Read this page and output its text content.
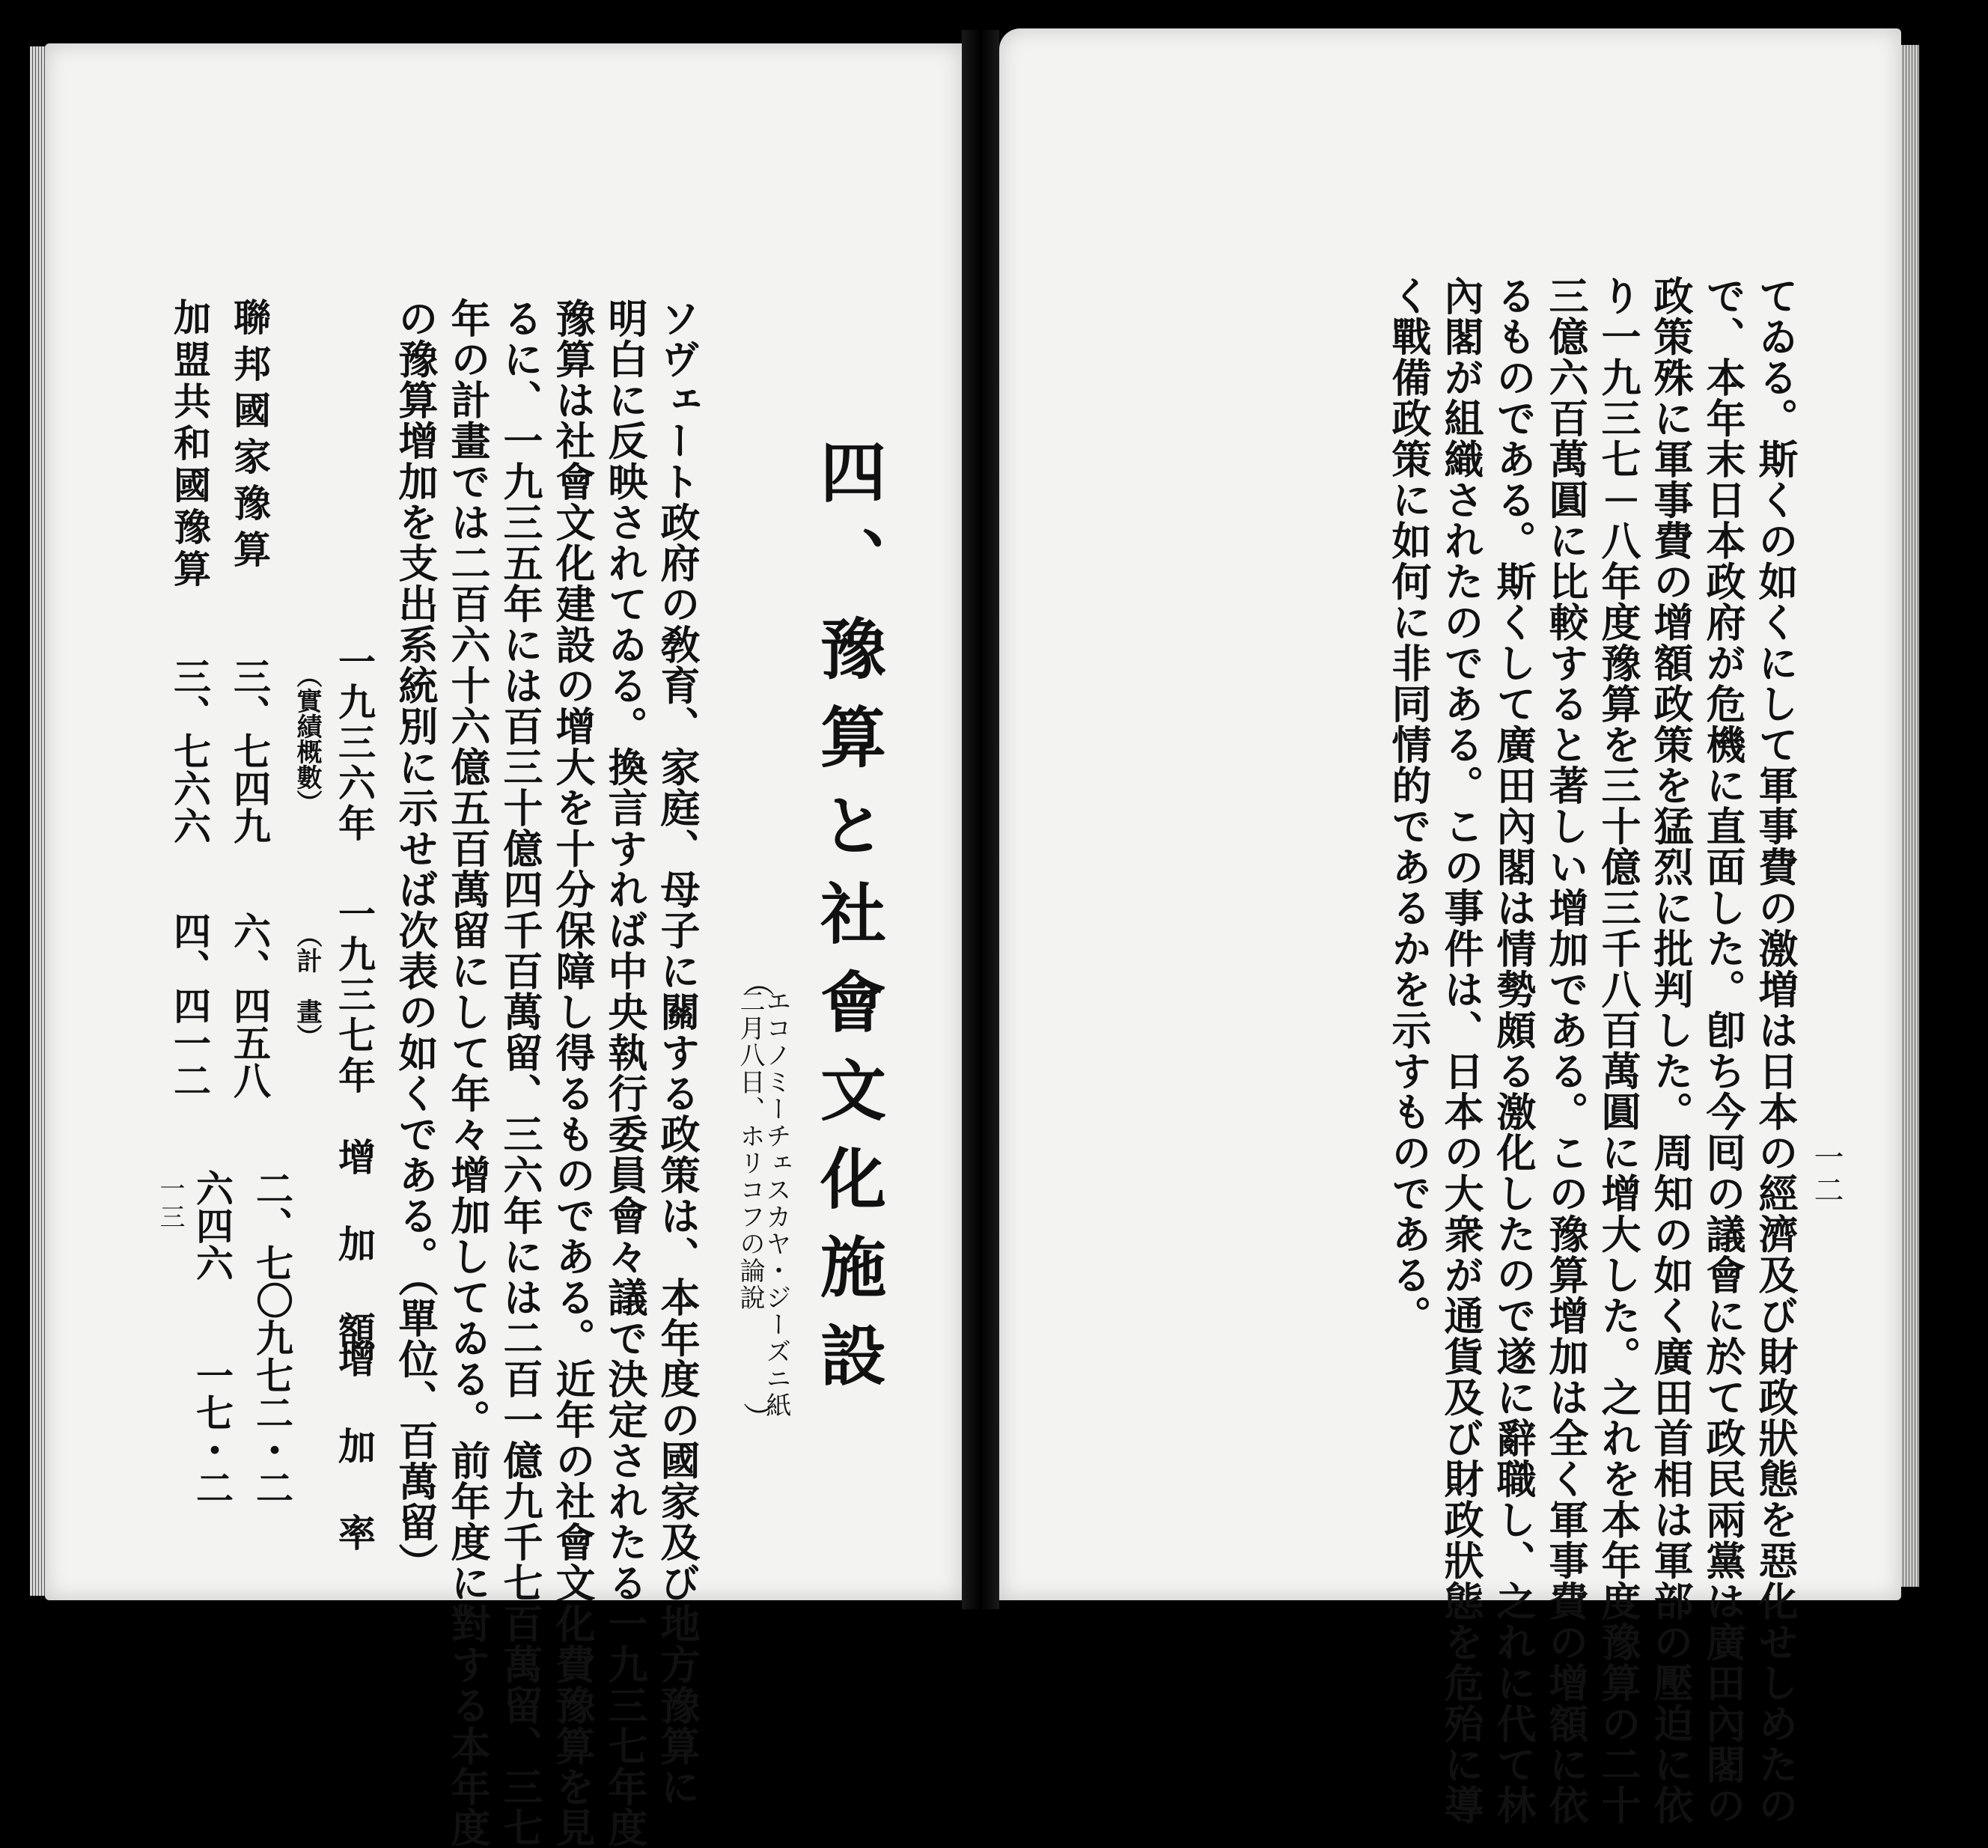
四、豫算と社會文化施設
︵
エコノミーチェスカヤ・ジーズニ紙
二月八日、ホリコフの論說
︶
ソヴェート政府の敎育、家庭、母子に關する政策は、本年度の國家及び地方豫算に
明白に反映されてゐる。換言すれば中央執行委員會々議で決定されたる一九三七年度
豫算は社會文化建設の增大を十分保障し得るものである。近年の社會文化費豫算を見
るに、一九三五年には百三十億四千百萬留、三六年には二百一億九千七百萬留、三七
年の計畫では二百六十六億五百萬留にして年々增加してゐる。前年度に對する本年度
の豫算增加を支出系統別に示せば次表の如くである。（單位、百萬留）
一九三六年
（實績概數）
一九三七年
（計　畫）
增　加　額
增　加　率
聯邦國家豫算
三、七四九
六、四五八
二、七〇九
七二・二
加盟共和國豫算
三、七六六
四、四一二
六四六
一七・二
一三	てゐる。斯くの如くにして軍事費の激増は日本の經濟及び財政狀態を惡化せしめたの
で、本年末日本政府が危機に直面した。卽ち今囘の議會に於て政民兩黨は廣田內閣の
政策殊に軍事費の增額政策を猛烈に批判した。周知の如く廣田首相は軍部の壓迫に依
り一九三七－八年度豫算を三十億三千八百萬圓に增大した。之れを本年度豫算の二十
三億六百萬圓に比較すると著しい增加である。この豫算增加は全く軍事費の增額に依
るものである。斯くして廣田內閣は情勢頗る激化したので遂に辭職し、之れに代て林
內閣が組織されたのである。この事件は、日本の大衆が通貨及び財政狀態を危殆に導
く戰備政策に如何に非同情的であるかを示すものである。	一二
